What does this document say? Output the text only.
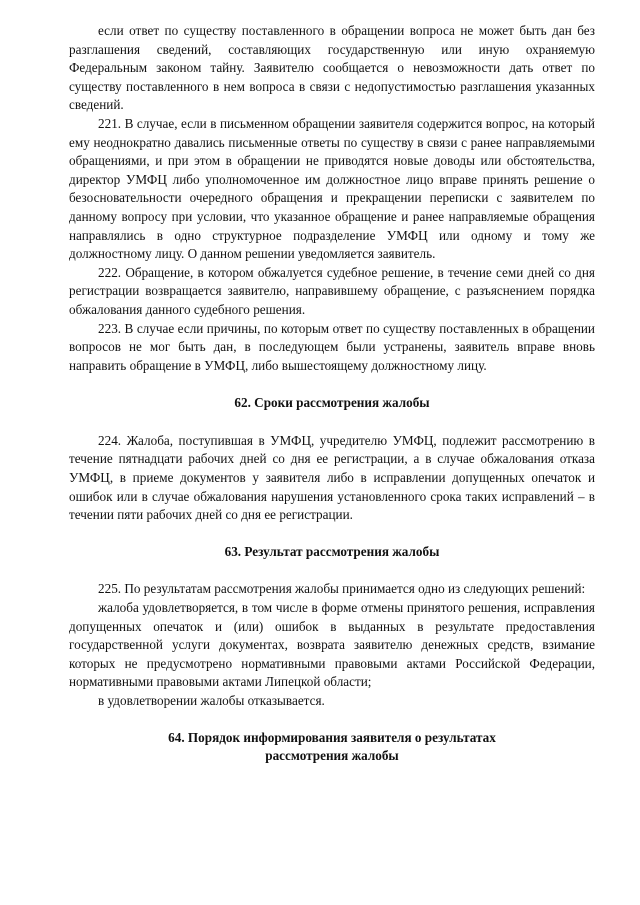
если ответ по существу поставленного в обращении вопроса не может быть дан без разглашения сведений, составляющих государственную или иную охраняемую Федеральным законом тайну. Заявителю сообщается о невозможности дать ответ по существу поставленного в нем вопроса в связи с недопустимостью разглашения указанных сведений.

221. В случае, если в письменном обращении заявителя содержится вопрос, на который ему неоднократно давались письменные ответы по существу в связи с ранее направляемыми обращениями, и при этом в обращении не приводятся новые доводы или обстоятельства, директор УМФЦ либо уполномоченное им должностное лицо вправе принять решение о безосновательности очередного обращения и прекращении переписки с заявителем по данному вопросу при условии, что указанное обращение и ранее направляемые обращения направлялись в одно структурное подразделение УМФЦ или одному и тому же должностному лицу. О данном решении уведомляется заявитель.

222. Обращение, в котором обжалуется судебное решение, в течение семи дней со дня регистрации возвращается заявителю, направившему обращение, с разъяснением порядка обжалования данного судебного решения.

223. В случае если причины, по которым ответ по существу поставленных в обращении вопросов не мог быть дан, в последующем были устранены, заявитель вправе вновь направить обращение в УМФЦ, либо вышестоящему должностному лицу.

62. Сроки рассмотрения жалобы

224. Жалоба, поступившая в УМФЦ, учредителю УМФЦ, подлежит рассмотрению в течение пятнадцати рабочих дней со дня ее регистрации, а в случае обжалования отказа УМФЦ, в приеме документов у заявителя либо в исправлении допущенных опечаток и ошибок или в случае обжалования нарушения установленного срока таких исправлений – в течении пяти рабочих дней со дня ее регистрации.

63. Результат рассмотрения жалобы

225. По результатам рассмотрения жалобы принимается одно из следующих решений:

жалоба удовлетворяется, в том числе в форме отмены принятого решения, исправления допущенных опечаток и (или) ошибок в выданных в результате предоставления государственной услуги документах, возврата заявителю денежных средств, взимание которых не предусмотрено нормативными правовыми актами Российской Федерации, нормативными правовыми актами Липецкой области;

в удовлетворении жалобы отказывается.

64. Порядок информирования заявителя о результатах
рассмотрения жалобы
